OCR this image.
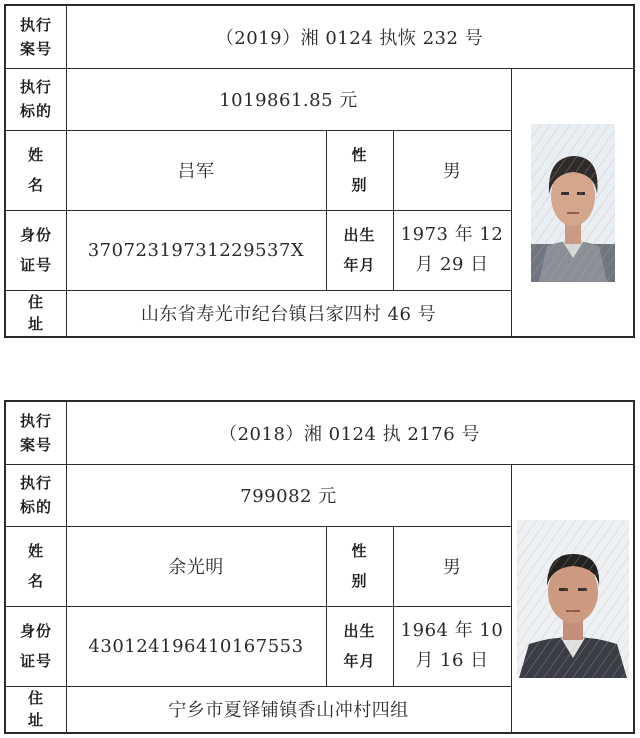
执行案号
执行标的
姓名
性别
身份证号
出生年月
住址
（2019）湘 0124 执恢 232 号
1019861.85 元
吕军	男
37072319731229537X
1973 年 12 月 29 日
山东省寿光市纪台镇吕家四村 46 号
执行案号
执行标的
姓名
性别
身份证号
出生年月
住址
（2018）湘 0124 执 2176 号
799082 元
余光明	男
430124196410167553
1964 年 10 月 16 日
宁乡市夏铎铺镇香山冲村四组
